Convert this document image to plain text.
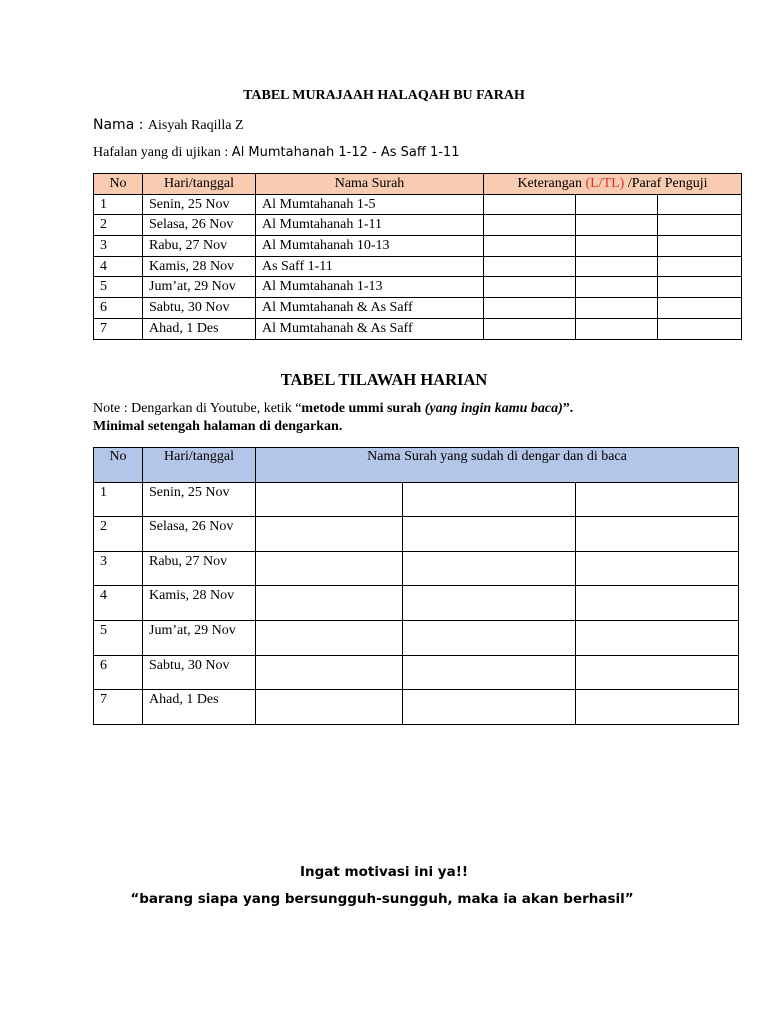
TABEL MURAJAAH HALAQAH BU FARAH
Nama : Aisyah Raqilla Z
Hafalan yang di ujikan : Al Mumtahanah 1-12 - As Saff 1-11
No	Hari/tanggal	Nama Surah	Keterangan (L/TL) /Paraf Penguji		
1	Senin, 25 Nov	Al Mumtahanah 1-5			
2	Selasa, 26 Nov	Al Mumtahanah 1-11			
3	Rabu, 27 Nov	Al Mumtahanah 10-13			
4	Kamis, 28 Nov	As Saff 1-11			
5	Jum’at, 29 Nov	Al Mumtahanah 1-13			
6	Sabtu, 30 Nov	Al Mumtahanah & As Saff			
7	Ahad, 1 Des	Al Mumtahanah & As Saff			
TABEL TILAWAH HARIAN
Note : Dengarkan di Youtube, ketik “metode ummi surah (yang ingin kamu baca)”.
Minimal setengah halaman di dengarkan.
No	Hari/tanggal	Nama Surah yang sudah di dengar dan di baca		
1	Senin, 25 Nov			
2	Selasa, 26 Nov			
3	Rabu, 27 Nov			
4	Kamis, 28 Nov			
5	Jum’at, 29 Nov			
6	Sabtu, 30 Nov			
7	Ahad, 1 Des			
Ingat motivasi ini ya!!
“barang siapa yang bersungguh-sungguh, maka ia akan berhasil”
